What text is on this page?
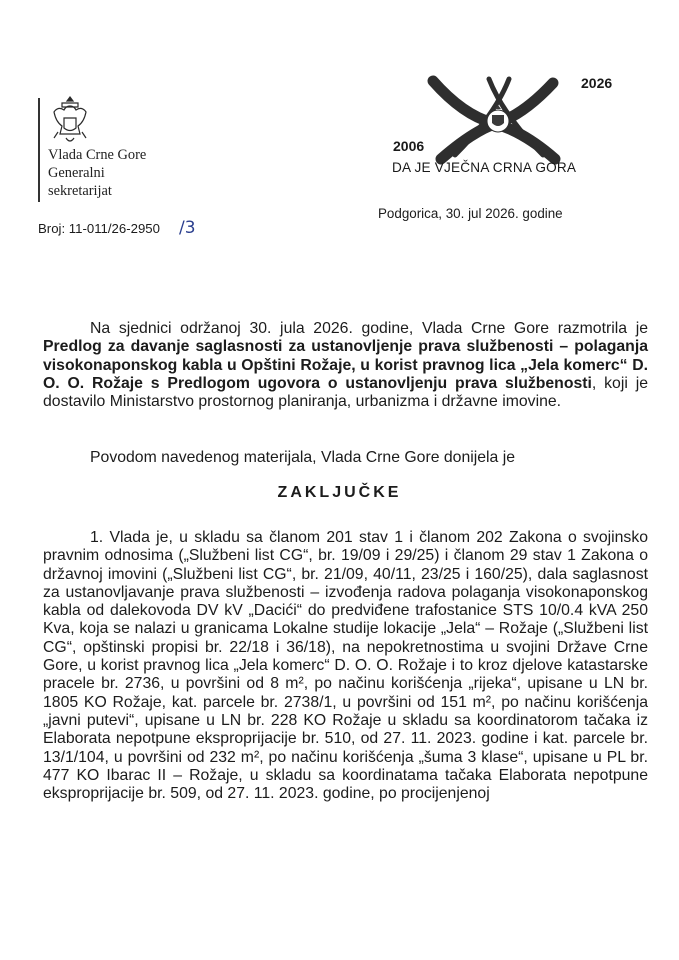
Vlada Crne Gore
Generalni
sekretarijat
2026
2006
DA JE VJEČNA CRNA GORA
Broj: 11-011/26-2950 /3
Podgorica, 30. jul 2026. godine
Na sjednici održanoj 30. jula 2026. godine, Vlada Crne Gore razmotrila je Predlog za davanje saglasnosti za ustanovljenje prava službenosti – polaganja visokonaponskog kabla u Opštini Rožaje, u korist pravnog lica „Jela komerc“ D. O. O. Rožaje s Predlogom ugovora o ustanovljenju prava službenosti, koji je dostavilo Ministarstvo prostornog planiranja, urbanizma i državne imovine.
Povodom navedenog materijala, Vlada Crne Gore donijela je
ZAKLJUČKE
1. Vlada je, u skladu sa članom 201 stav 1 i članom 202 Zakona o svojinsko pravnim odnosima („Službeni list CG“, br. 19/09 i 29/25) i članom 29 stav 1 Zakona o državnoj imovini („Službeni list CG“, br. 21/09, 40/11, 23/25 i 160/25), dala saglasnost za ustanovljavanje prava službenosti – izvođenja radova polaganja visokonaponskog kabla od dalekovoda DV kV „Dacići“ do predviđene trafostanice STS 10/0.4 kVA 250 Kva, koja se nalazi u granicama Lokalne studije lokacije „Jela“ – Rožaje („Službeni list CG“, opštinski propisi br. 22/18 i 36/18), na nepokretnostima u svojini Države Crne Gore, u korist pravnog lica „Jela komerc“ D. O. O. Rožaje i to kroz djelove katastarske pracele br. 2736, u površini od 8 m², po načinu korišćenja „rijeka“, upisane u LN br. 1805 KO Rožaje, kat. parcele br. 2738/1, u površini od 151 m², po načinu korišćenja „javni putevi“, upisane u LN br. 228 KO Rožaje u skladu sa koordinatorom tačaka iz Elaborata nepotpune eksproprijacije br. 510, od 27. 11. 2023. godine i kat. parcele br. 13/1/104, u površini od 232 m², po načinu korišćenja „šuma 3 klase“, upisane u PL br. 477 KO Ibarac II – Rožaje, u skladu sa koordinatama tačaka Elaborata nepotpune eksproprijacije br. 509, od 27. 11. 2023. godine, po procijenjenoj
